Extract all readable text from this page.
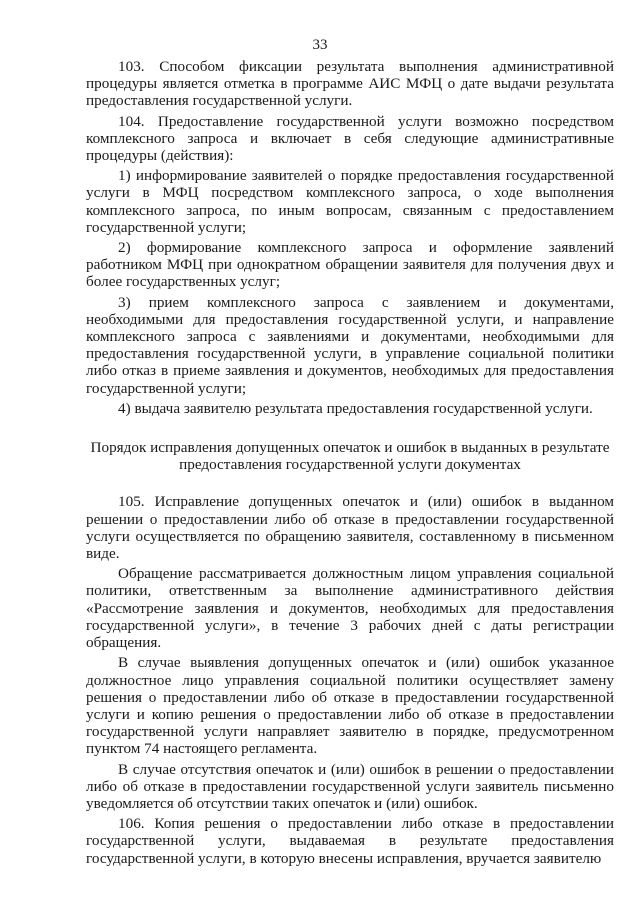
33

103. Способом фиксации результата выполнения административной процедуры является отметка в программе АИС МФЦ о дате выдачи результата предоставления государственной услуги.

104. Предоставление государственной услуги возможно посредством комплексного запроса и включает в себя следующие административные процедуры (действия):

1) информирование заявителей о порядке предоставления государственной услуги в МФЦ посредством комплексного запроса, о ходе выполнения комплексного запроса, по иным вопросам, связанным с предоставлением государственной услуги;

2) формирование комплексного запроса и оформление заявлений работником МФЦ при однократном обращении заявителя для получения двух и более государственных услуг;

3) прием комплексного запроса с заявлением и документами, необходимыми для предоставления государственной услуги, и направление комплексного запроса с заявлениями и документами, необходимыми для предоставления государственной услуги, в управление социальной политики либо отказ в приеме заявления и документов, необходимых для предоставления государственной услуги;

4) выдача заявителю результата предоставления государственной услуги.

Порядок исправления допущенных опечаток и ошибок в выданных в результате предоставления государственной услуги документах

105. Исправление допущенных опечаток и (или) ошибок в выданном решении о предоставлении либо об отказе в предоставлении государственной услуги осуществляется по обращению заявителя, составленному в письменном виде.

Обращение рассматривается должностным лицом управления социальной политики, ответственным за выполнение административного действия «Рассмотрение заявления и документов, необходимых для предоставления государственной услуги», в течение 3 рабочих дней с даты регистрации обращения.

В случае выявления допущенных опечаток и (или) ошибок указанное должностное лицо управления социальной политики осуществляет замену решения о предоставлении либо об отказе в предоставлении государственной услуги и копию решения о предоставлении либо об отказе в предоставлении государственной услуги направляет заявителю в порядке, предусмотренном пунктом 74 настоящего регламента.

В случае отсутствия опечаток и (или) ошибок в решении о предоставлении либо об отказе в предоставлении государственной услуги заявитель письменно уведомляется об отсутствии таких опечаток и (или) ошибок.

106. Копия решения о предоставлении либо отказе в предоставлении государственной услуги, выдаваемая в результате предоставления государственной услуги, в которую внесены исправления, вручается заявителю
